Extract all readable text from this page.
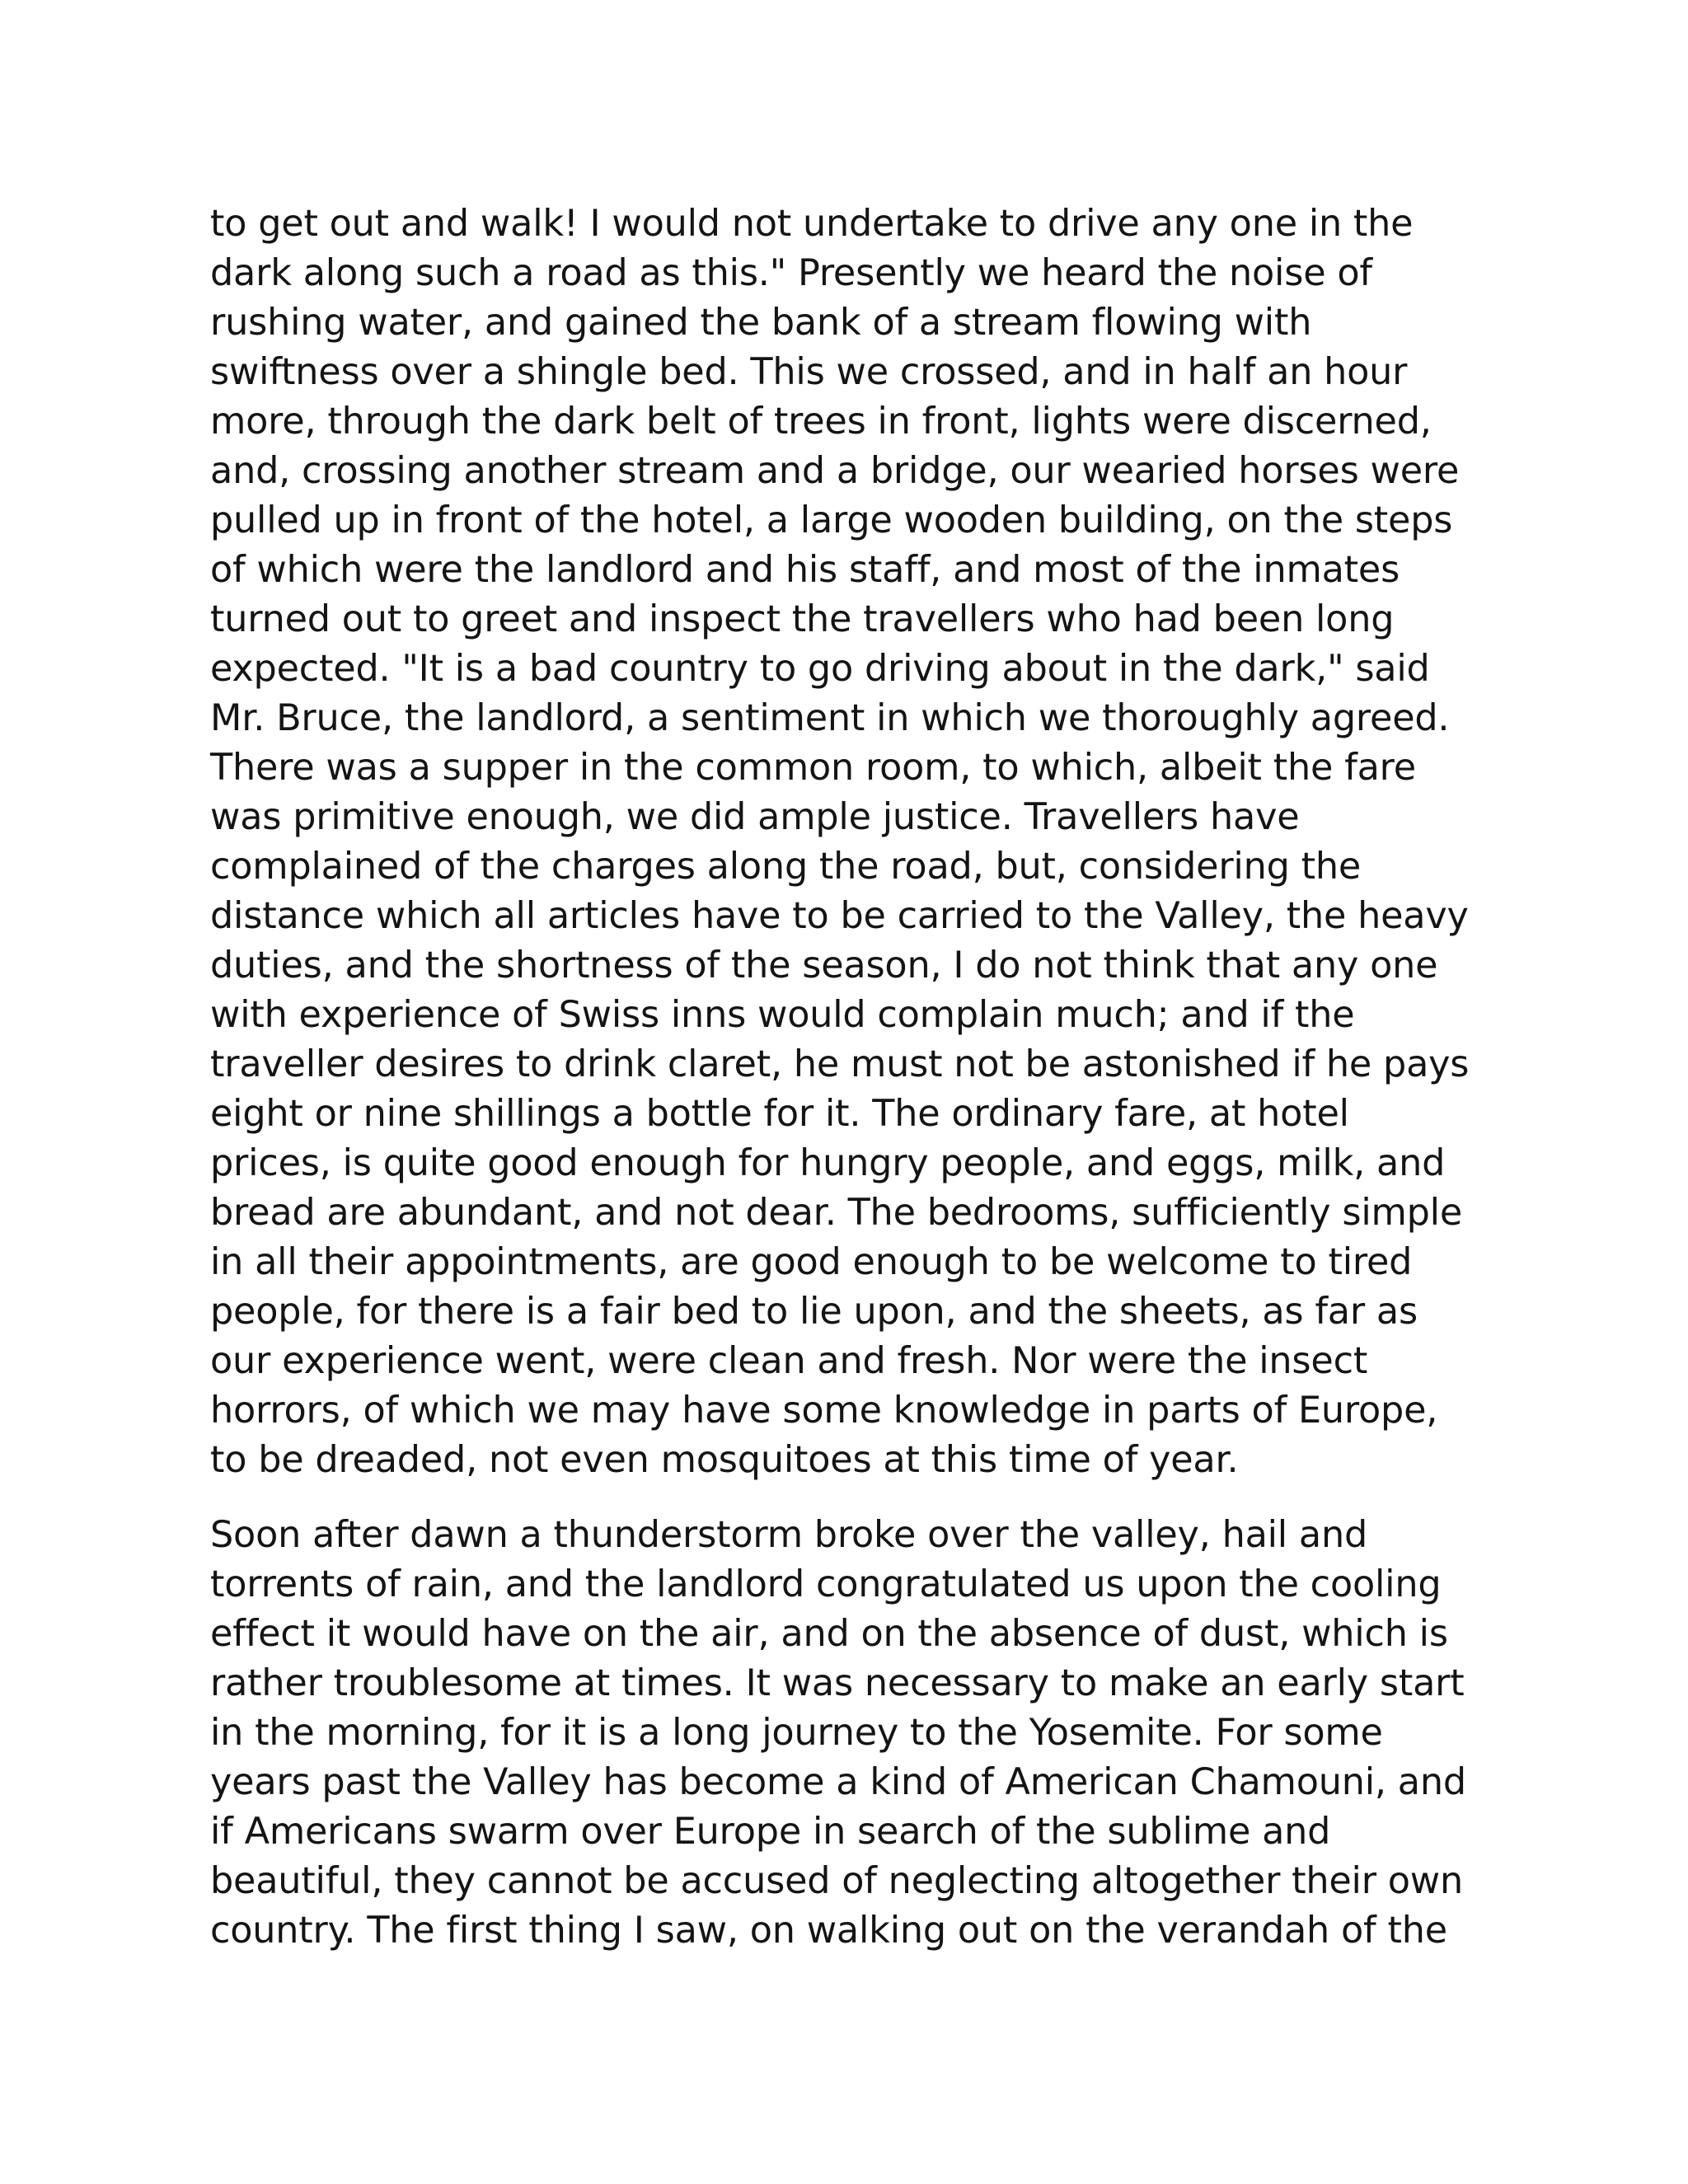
to get out and walk! I would not undertake to drive any one in the
dark along such a road as this." Presently we heard the noise of
rushing water, and gained the bank of a stream flowing with
swiftness over a shingle bed. This we crossed, and in half an hour
more, through the dark belt of trees in front, lights were discerned,
and, crossing another stream and a bridge, our wearied horses were
pulled up in front of the hotel, a large wooden building, on the steps
of which were the landlord and his staff, and most of the inmates
turned out to greet and inspect the travellers who had been long
expected. "It is a bad country to go driving about in the dark," said
Mr. Bruce, the landlord, a sentiment in which we thoroughly agreed.
There was a supper in the common room, to which, albeit the fare
was primitive enough, we did ample justice. Travellers have
complained of the charges along the road, but, considering the
distance which all articles have to be carried to the Valley, the heavy
duties, and the shortness of the season, I do not think that any one
with experience of Swiss inns would complain much; and if the
traveller desires to drink claret, he must not be astonished if he pays
eight or nine shillings a bottle for it. The ordinary fare, at hotel
prices, is quite good enough for hungry people, and eggs, milk, and
bread are abundant, and not dear. The bedrooms, sufficiently simple
in all their appointments, are good enough to be welcome to tired
people, for there is a fair bed to lie upon, and the sheets, as far as
our experience went, were clean and fresh. Nor were the insect
horrors, of which we may have some knowledge in parts of Europe,
to be dreaded, not even mosquitoes at this time of year.
Soon after dawn a thunderstorm broke over the valley, hail and
torrents of rain, and the landlord congratulated us upon the cooling
effect it would have on the air, and on the absence of dust, which is
rather troublesome at times. It was necessary to make an early start
in the morning, for it is a long journey to the Yosemite. For some
years past the Valley has become a kind of American Chamouni, and
if Americans swarm over Europe in search of the sublime and
beautiful, they cannot be accused of neglecting altogether their own
country. The first thing I saw, on walking out on the verandah of the
